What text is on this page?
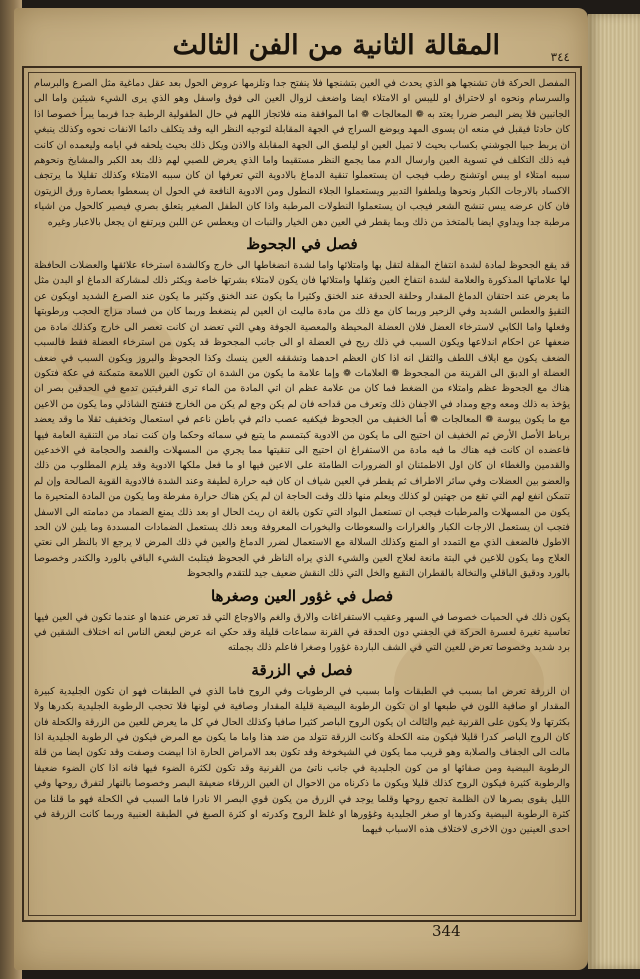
المقالة الثانية من الفن الثالث	٣٤٤

المفصل الحركة فان تشنجها هو الذي يحدث في العين بتشنجها فلا ينفتح جدا وتلزمها عروض الحول بعد عقل دماغية مثل الصرع والبرسام والسرسام ونحوه او لاحتراق او لليبس او الامتلاء ايضا واضعف لزوال العين الى فوق واسفل وهو الذي يرى الشيء شيئين واما الى الجانبين فلا يضر البصر ضررا يعتد به ❁ المعالجات ❁ اما الموافقة منه فلاتجاز اللهم في حال الطفولية الرطبة جدا فربما يبرأ خصوصا اذا كان حادثا فيقبل في منعه ان يسوى المهد ويوضع السراج في الجهة المقابلة لتوجيه النظر اليه وقد يتكلف دائما الانفات نحوه وكذلك ينبغي ان يربط جبيا الجوشني بكساب بحيث لا تميل العين او ليلصق الى الجهة المقابلة والاذن ويكل ذلك بحيث يلحقه في ايامه وليعمده ان كانت فيه ذلك التكلف في تسوية العين وارسال الدم مما يجمع النظر مستقيما واما الذي يعرض للصبي لهم ذلك بعد الكبر والمشايخ ونحوهم سببه امتلاء او يبس اوتشنج رطب فيجب ان يستعملوا تنقية الدماغ بالادوية التي تعرفها ان كان سببه الامتلاء وكذلك تقليلا ما يرتجف الاكساد بالارجات الكبار ونحوها ويلطفوا التدبير ويستعملوا الجلاء النطول ومن الادوية النافعة في الحول ان يسعطوا بعصارة ورق الزيتون فان كان عرضه يبس تنشج الشعر فيجب ان يستعملوا النطولات المرطبة واذا كان الطفل الصغير يتعلق بصري فيصير كالحول من اشياء مرطبة جدا ويداوي ايضا بالمتخذ من ذلك وبما يقطر في العين دهن الخيار والنبات ان ويعطس عن اللبن ويرتفع ان يجعل بالاعبار وغيره

فصل في الجحوظ

قد يقع الجحوظ لمادة لشدة انتفاخ المقلة لتقل بها وامتلائها واما لشدة انضغاطها الى خارج وكالشدة استرخاء علائقها والعضلات الحافظة لها علاماتها المذكورة والعلامة لشدة انتفاخ العين وثقلها وامتلائها فان يكون لامتلاء بشرتها خاصة ويكثر ذلك لمشاركة الدماغ او البدن مثل ما يعرض عند احتقان الدماغ المقدار وحلقة الحدقة عند الخنق وكثيرا ما يكون عند الخنق وكثير ما يكون عند الصرع الشديد اويكون عن التقيؤ والعطس الشديد وفي الزحير وربما كان مع ذلك من مادة ماليت ان العين لم ينضغط وربما كان من فساد مزاج الحجب ورطوبتها وفعلها واما الكابي لاسترخاء العضل فلان العضلة المحيطة والمعصية الجوفة وهي التي تعضد ان كانت تعصر الى خارج وكذلك مادة من ضعفها عن احكام اندلاعها ويكون السبب في ذلك ريح في العضلة او الى جانب المجحوظ قد يكون من استرخاء العضلة فقط فالسبب الضعف يكون مع ايلاف اللطف والثقل انه اذا كان العظم احدهما وتشققه العين ينسك وكذا الجحوظ والبروز ويكون السبب في ضعف العضلة او الدبق الى القرينة من المجحوظ ❁ العلامات ❁ وإما علامة ما يكون من الشدة ان تكون العين اللامعة متمكنة في عكة فتكون هناك مع الجحوظ عظم وامتلاء من الضغط فما كان من علامة عظم ان اتي المادة من الماء ترى القرقيتين تدمع في الحدقين بصر ان يؤخذ به ذلك ومعه وجع ومداد في الاجفان ذلك وتعرف من قداحه فان لم يكن وجع لم يكن من الخارج فتفتح الشاذلي وما يكون من الاعين مع ما يكون يبوسة ❁ المعالجات ❁ أما الخفيف من الجحوظ فيكفيه عصب دائم في باطن ناعم في استعمال وتخفيف ثقلا ما وقد يعضد برباط الأصل الأرض ثم الخفيف ان احتيج الى ما يكون من الادوية كبتمسم ما يتبع في سمائه وحكما وان كنت نماد من التنقية العامة فيها فاعضده ان كانت فيه هناك ما فيه مادة من الاستفراغ ان احتيج الى تنقيتها مما يجري من المسهلات والفصد والحجامة في الاخدعين والقدمين والغطاء ان كان اول الاطمئنان او الضرورات الطامئة على الاعين فيها او ما فعل ملكها الادوية وقد يلزم المطلوب من ذلك والعضو بين العضلات وفي سائر الاطراف ثم يقطر في العين شياف ان كان فيه حرارة لطيفة وعند الشدة فالادوية القوية الصالحة وإن لم تتمكن انفع لهم التي تقع من جهتين لو كذلك ويعلم منها ذلك وقت الحاجة ان لم يكن هناك حرارة مفرطة وما يكون من المادة المتحيرة ما يكون من المسهلات والمرطبات فيجب ان تستعمل البواد التي تكون بالغة ان ريث الحال او بعد ذلك يمنع الضماد من دمامته الى الاسفل فتجب ان يستعمل الارجات الكبار والغرارات والسعوطات والبخورات المعروفة وبعد ذلك يستعمل الضمادات المسددة وما يلين لان الحد الاطول فالضعف الذي مع التمدد او المنع وكذلك السلالة مع الاستعمال لضرر الدماغ والعين في ذلك المرض لا يرجع الا بالنظر الى نعتي العلاج وما يكون للاعين في البتة مانعة لعلاج العين والشيء الذي يراه الناظر في الجحوظ فيتلبث الشيء الباقي بالورد والكندر وخصوصا بالورد ودقيق الباقلي والنخالة بالقطران النقيع والخل التي ذلك النقش ضعيف جيد للتقدم والجحوظ

فصل في غؤور العين وصغرها

يكون ذلك في الحميات خصوصا في السهر وعقيب الاستفراغات والارق والغم والاوجاع التي قد تعرض عندها او عندما تكون في العين فيها تعاسية تغيرة لعسرة الحركة في الجفني دون الحدقة في القرنة سماعات قليلة وقد حكي انه عرض لبعض الناس انه اختلاف الشقين في برد شديد وخصوصا تعرض للعين التي في الشف الباردة غؤورا وصغرا فاعلم ذلك بجملته

فصل في الزرقة

ان الزرقة تعرض اما بسبب في الطبقات واما بسبب في الرطوبات وفي الروح فاما الذي في الطبقات فهو ان تكون الجليدية كبيرة المقدار او صافية اللون في طبعها او ان تكون الرطوبة البيضية قليلة المقدار وصافية في لونها فلا تحجب الرطوبة الجليدية بكدرها ولا بكثرتها ولا يكون على القرنية غيم والثالث ان يكون الروح الباصر كثيرا صافيا وكذلك الحال في كل ما يعرض للعين من الزرقة والكحلة فان كان الروح الباصر كدرا قليلا فيكون منه الكحلة وكانت الزرقة تتولد من ضد هذا واما ما يكون مع المرض فيكون في الرطوبة الجليدية اذا مالت الى الجفاف والصلابة وهو قريب مما يكون في الشيخوخة وقد تكون بعد الامراض الحارة اذا ابيضت وصفت وقد تكون ايضا من قلة الرطوبة البيضية ومن صفائها او من كون الجليدية في جانب ناتئ من القرنية وقد تكون لكثرة الضوء فيها فانه اذا كان الضوء ضعيفا والرطوبة كثيرة فيكون الروح كذلك قليلا ويكون ما ذكرناه من الاحوال ان العين الزرقاء ضعيفة البصر وخصوصا بالنهار لتفرق روحها وفي الليل يقوى بصرها لان الظلمة تجمع روحها وقلما يوجد في الزرق من يكون قوي البصر الا نادرا فاما السبب في الكحلة فهو ما قلنا من كثرة الرطوبة البيضية وكدرها او صغر الجليدية وغؤورها او غلظ الروح وكدرته او كثرة الصبغ في الطبقة العنبية وربما كانت الزرقة في احدى العينين دون الاخرى لاختلاف هذه الاسباب فيهما

344
